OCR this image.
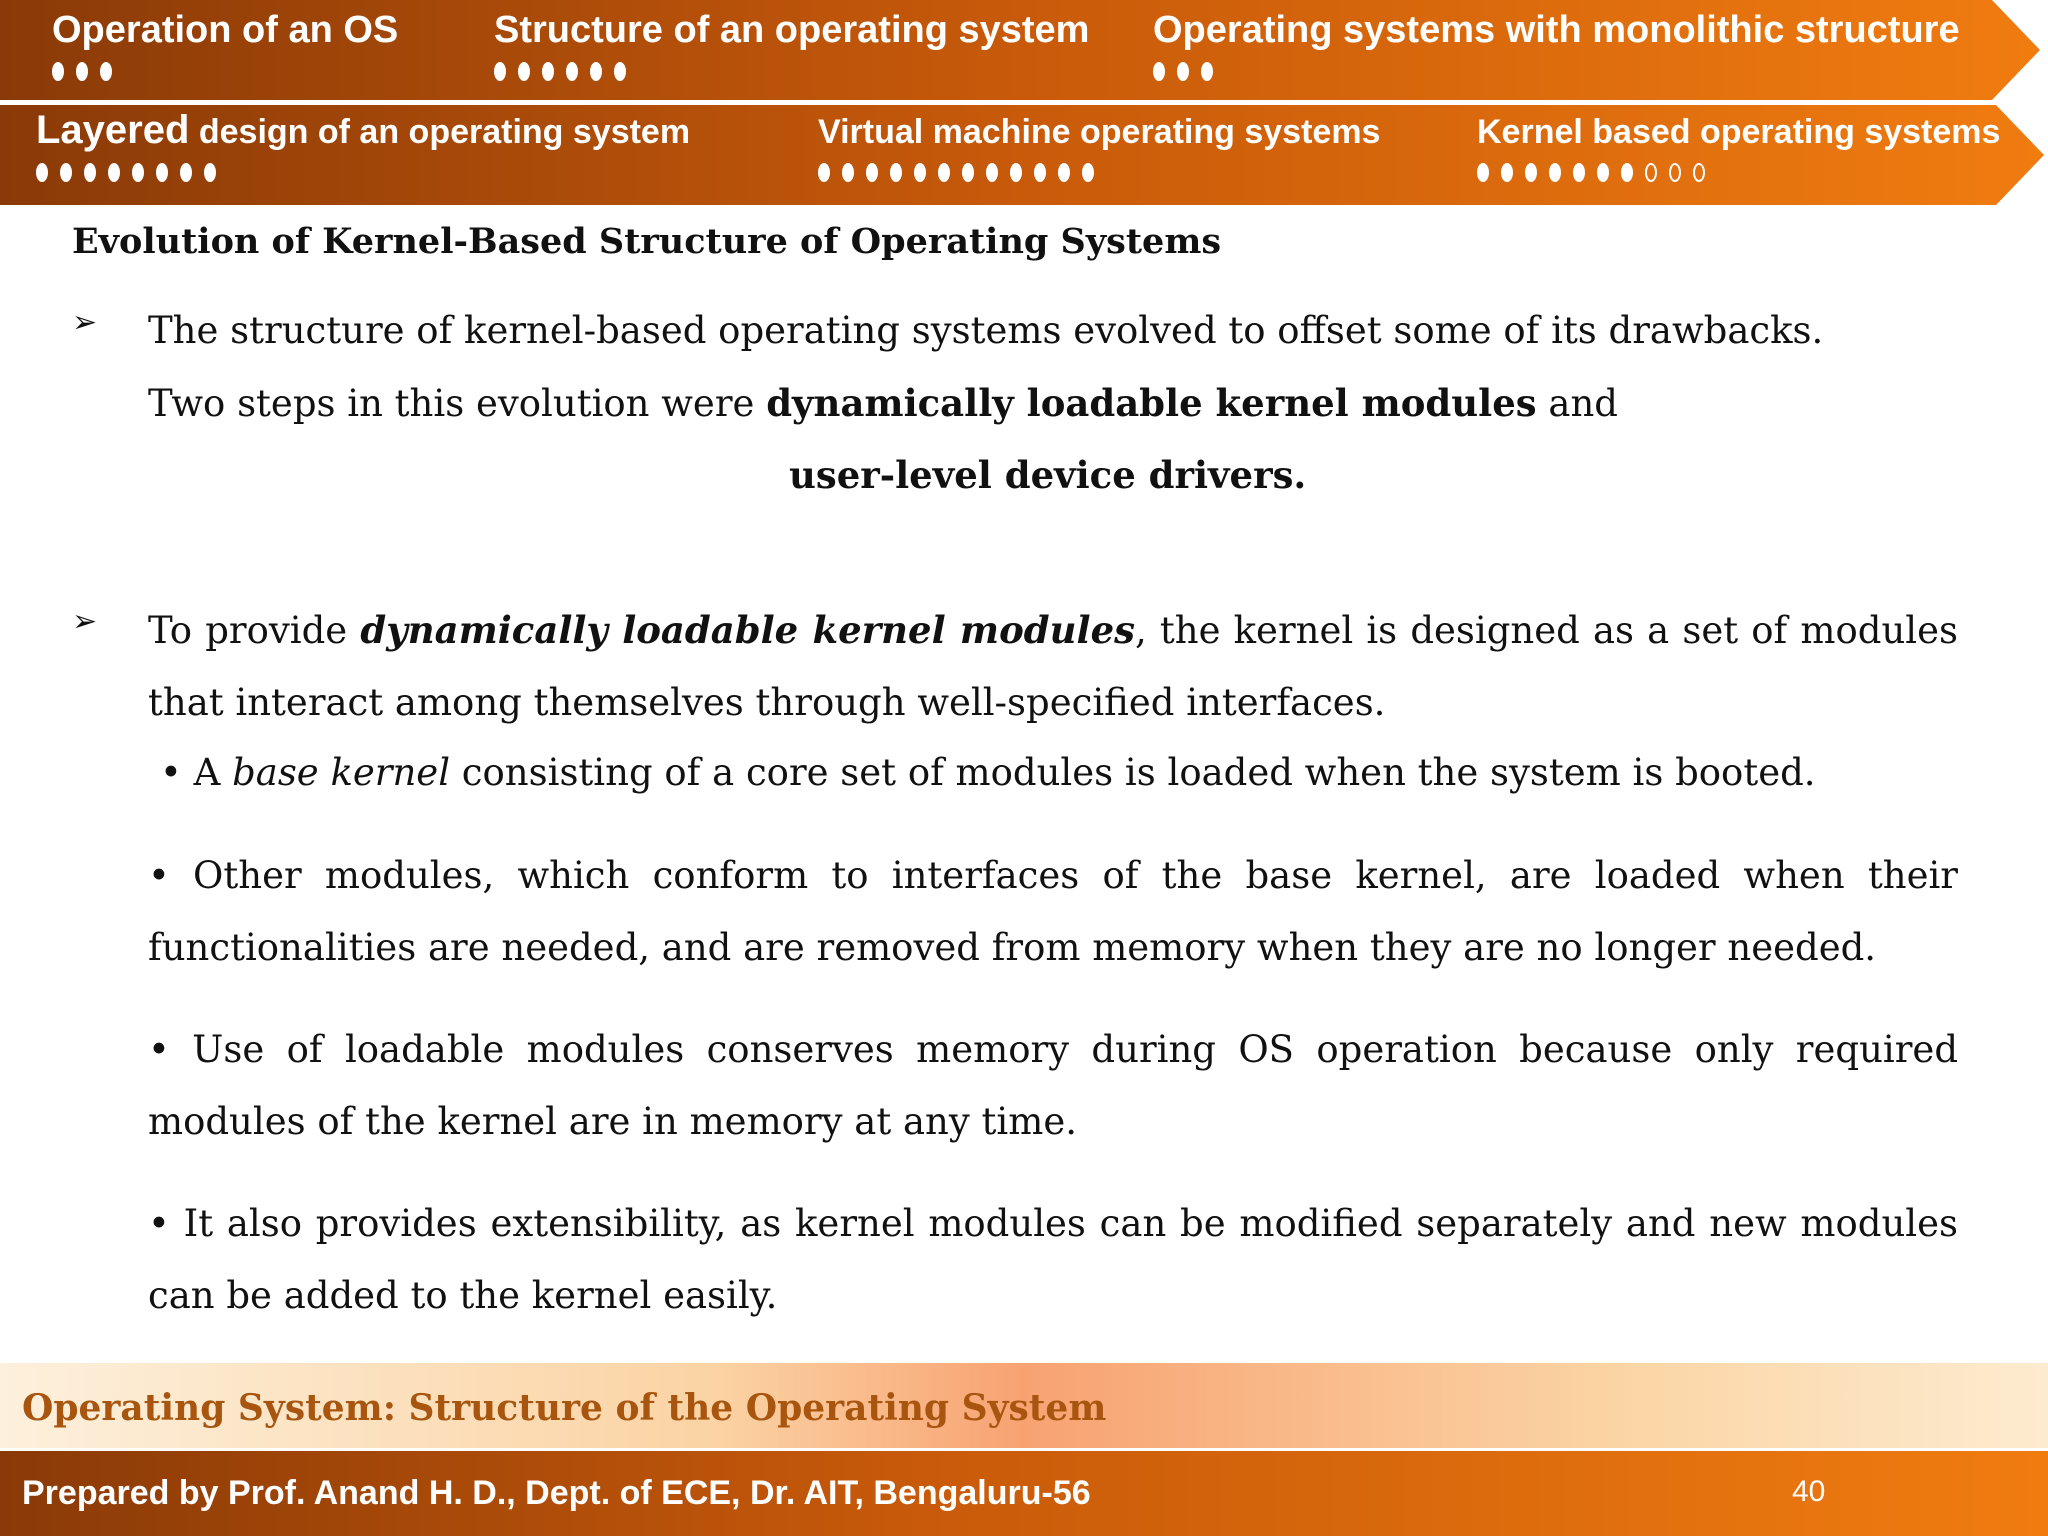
Operation of an OS	Structure of an operating system Operating systems with monolithic structure
Layered design of an operating system	Virtual machine operating systems	Kernel based operating systems
Evolution of Kernel-Based Structure of Operating Systems
➢ The structure of kernel-based operating systems evolved to offset some of its drawbacks.
Two steps in this evolution were dynamically loadable kernel modules and
user-level device drivers.
➢ To provide dynamically loadable kernel modules, the kernel is designed as a set of modules that interact among themselves through well-specified interfaces.
• A base kernel consisting of a core set of modules is loaded when the system is booted.
• Other modules, which conform to interfaces of the base kernel, are loaded when their functionalities are needed, and are removed from memory when they are no longer needed.
• Use of loadable modules conserves memory during OS operation because only required modules of the kernel are in memory at any time.
• It also provides extensibility, as kernel modules can be modified separately and new modules can be added to the kernel easily.
Operating System: Structure of the Operating System
Prepared by Prof. Anand H. D., Dept. of ECE, Dr. AIT, Bengaluru-56	40
